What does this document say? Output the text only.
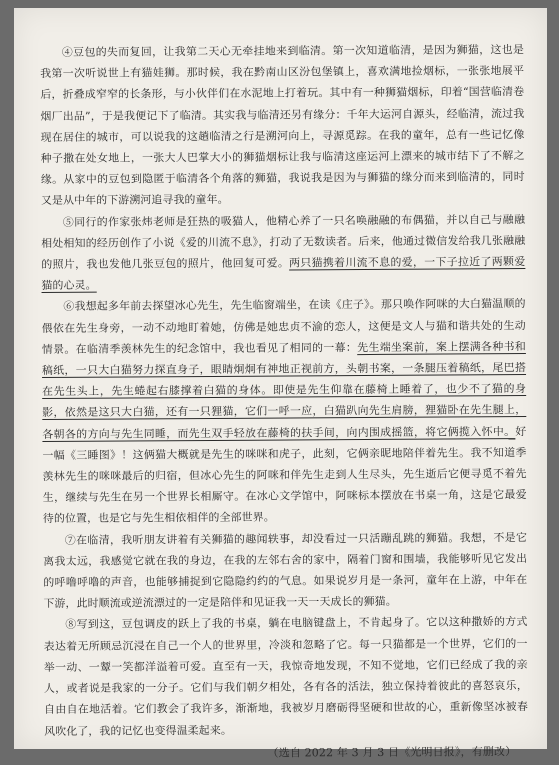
④豆包的失而复回，让我第二天心无牵挂地来到临清。第一次知道临清，是因为狮猫，这也是我第一次听说世上有猫娃狮。那时候，我在黔南山区汾包堡镇上，喜欢满地捡烟标，一张张地展平后，折叠成窄窄的长条形，与小伙伴们在水泥地上打着玩。其中有一种狮猫烟标，印着“国营临清卷烟厂出品”，于是我便记下了临清。其实我与临清还另有缘分：千年大运河自源头，经临清，流过我现在居住的城市，可以说我的这趟临清之行是溯河向上，寻源觅踪。在我的童年，总有一些记忆像种子撒在处女地上，一张大人巴掌大小的狮猫烟标让我与临清这座运河上漂来的城市结下了不解之缘。从家中的豆包到隐匿于临清各个角落的狮猫，我说我是因为与狮猫的缘分而来到临清的，同时又是从中年的下游溯河追寻我的童年。

⑤同行的作家张炜老师是狂热的吸猫人，他精心养了一只名唤融融的布偶猫，并以自己与融融相处相知的经历创作了小说《爱的川流不息》，打动了无数读者。后来，他通过微信发给我几张融融的照片，我也发他几张豆包的照片，他回复可爱。两只猫携着川流不息的爱，一下子拉近了两颗爱猫的心灵。

⑥我想起多年前去探望冰心先生，先生临窗端坐，在读《庄子》。那只唤作阿咪的大白猫温顺的偎依在先生身旁，一动不动地盯着她，仿佛是她忠贞不渝的恋人，这便是文人与猫和谐共处的生动情景。在临清季羡林先生的纪念馆中，我也看见了相同的一幕：先生端坐案前，案上摆满各种书和稿纸，一只大白猫努力探直身子，眼睛炯炯有神地正视前方，头朝书案，一条腿压着稿纸，尾巴搭在先生头上，先生蜷起右膝撑着白猫的身体。即使是先生仰靠在藤椅上睡着了，也少不了猫的身影，依然是这只大白猫，还有一只狸猫，它们一呼一应，白猫趴向先生肩膀，狸猫卧在先生腿上，各朝各的方向与先生同睡，而先生双手轻放在藤椅的扶手间，向内围成摇篮，将它俩揽入怀中。好一幅《三睡图》！这俩猫大概就是先生的咪咪和虎子，此刻，它俩亲昵地陪伴着先生。我不知道季羡林先生的咪咪最后的归宿，但冰心先生的阿咪和伴先生走到人生尽头，先生逝后它便寻觅不着先生，继续与先生在另一个世界长相厮守。在冰心文学馆中，阿咪标本摆放在书桌一角，这是它最爱待的位置，也是它与先生相依相伴的全部世界。

⑦在临清，我听朋友讲着有关狮猫的趣闻轶事，却没看过一只活蹦乱跳的狮猫。我想，不是它离我太远，我感觉它就在我的身边，在我的左邻右舍的家中，隔着门窗和围墙，我能够听见它发出的呼噜呼噜的声音，也能够捕捉到它隐隐约约的气息。如果说岁月是一条河，童年在上游，中年在下游，此时顺流或逆流漂过的一定是陪伴和见证我一天一天成长的狮猫。

⑧写到这，豆包调皮的跃上了我的书桌，躺在电脑键盘上，不肯起身了。它以这种撒娇的方式表达着无所顾忌沉浸在自己一个人的世界里，冷淡和忽略了它。每一只猫都是一个世界，它们的一举一动、一颦一笑都洋溢着可爱。直至有一天，我惊奇地发现，不知不觉地，它们已经成了我的亲人，或者说是我家的一分子。它们与我们朝夕相处，各有各的活法，独立保持着彼此的喜怒哀乐，自由自在地活着。它们教会了我许多，渐渐地，我被岁月磨砺得坚硬和世故的心，重新像坚冰被春风吹化了，我的记忆也变得温柔起来。

（选自 2022 年 3 月 3 日《光明日报》，有删改）
